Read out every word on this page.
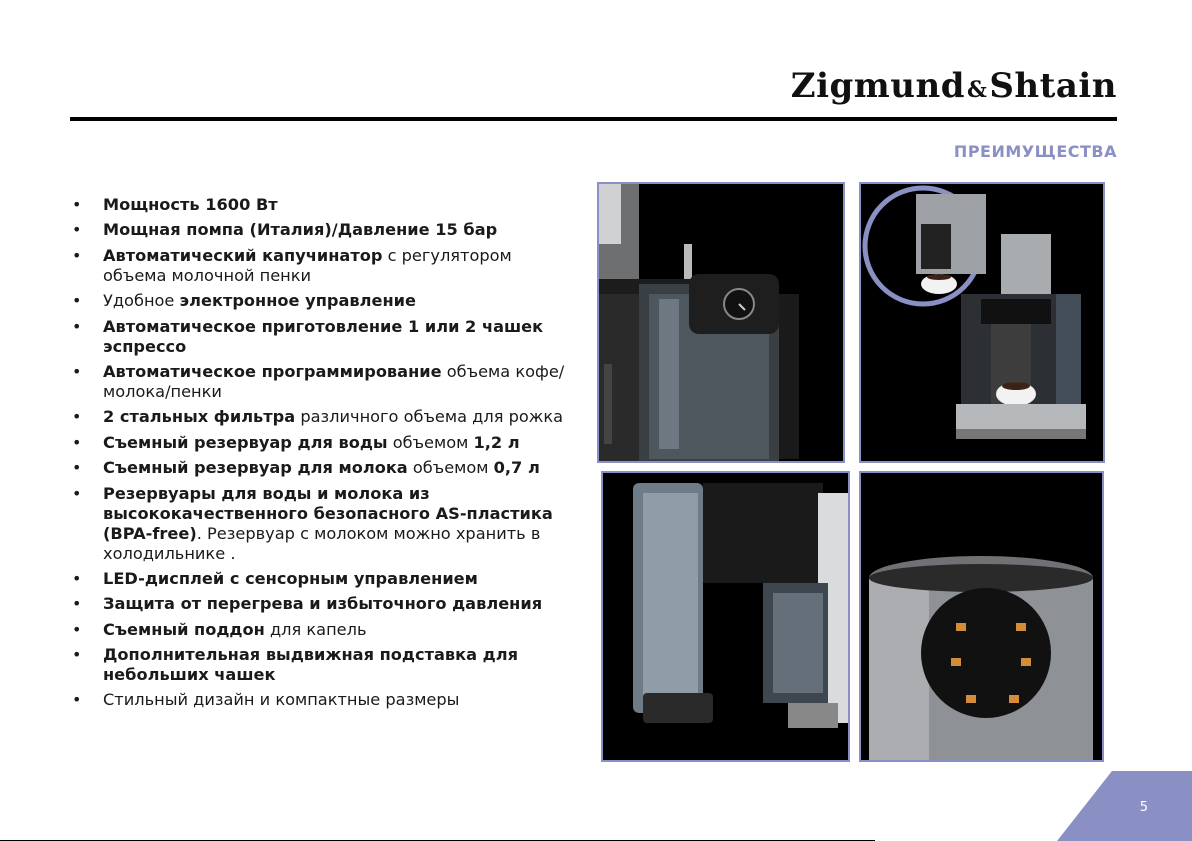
Zigmund&Shtain
ПРЕИМУЩЕСТВА
• Мощность 1600 Вт
• Мощная помпа (Италия)/Давление 15 бар
• Автоматический капучинатор с регулятором объема молочной пенки
• Удобное электронное управление
• Автоматическое приготовление 1 или 2 чашек эспрессо
• Автоматическое программирование объема кофе/молока/пенки
• 2 стальных фильтра различного объема для рожка
• Съемный резервуар для воды объемом 1,2 л
• Съемный резервуар для молока объемом 0,7 л
• Резервуары для воды и молока из высококачественного безопасного AS-пластика (BPA-free). Резервуар с молоком можно хранить в холодильнике .
• LED-дисплей с сенсорным управлением
• Защита от перегрева и избыточного давления
• Съемный поддон для капель
• Дополнительная выдвижная подставка для небольших чашек
• Стильный дизайн и компактные размеры
5
